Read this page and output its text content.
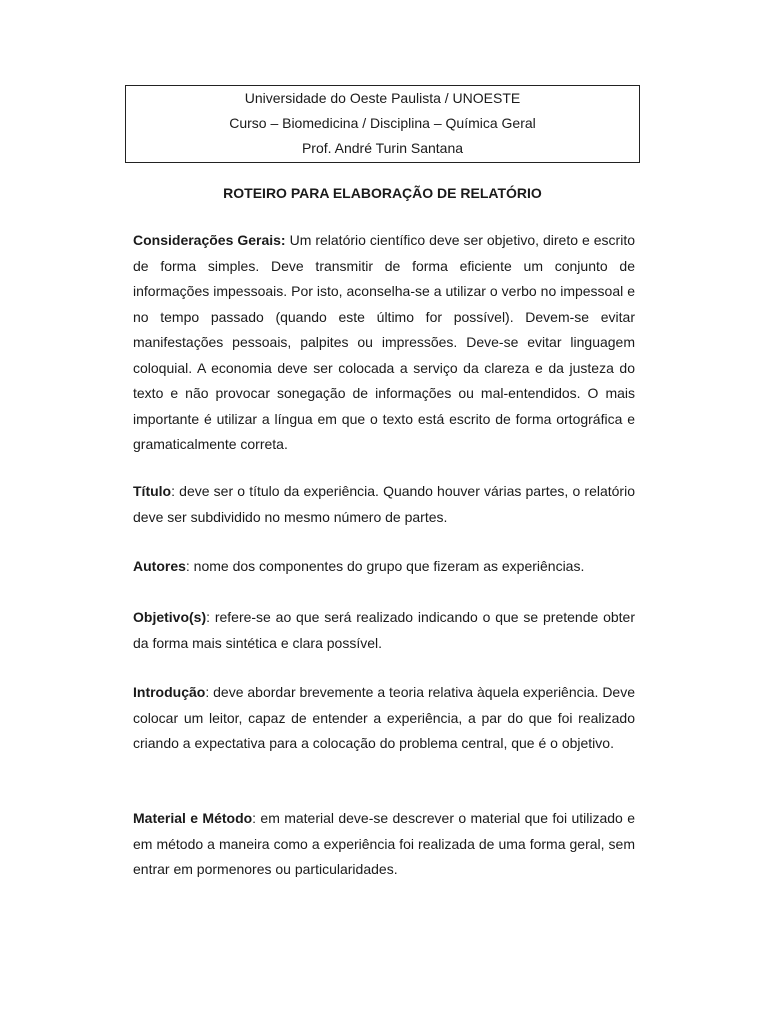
Universidade do Oeste Paulista / UNOESTE
Curso – Biomedicina / Disciplina – Química Geral
Prof. André Turin Santana
ROTEIRO PARA ELABORAÇÃO DE RELATÓRIO

Considerações Gerais: Um relatório científico deve ser objetivo, direto e escrito de forma simples. Deve transmitir de forma eficiente um conjunto de informações impessoais. Por isto, aconselha-se a utilizar o verbo no impessoal e no tempo passado (quando este último for possível). Devem-se evitar manifestações pessoais, palpites ou impressões. Deve-se evitar linguagem coloquial. A economia deve ser colocada a serviço da clareza e da justeza do texto e não provocar sonegação de informações ou mal-entendidos. O mais importante é utilizar a língua em que o texto está escrito de forma ortográfica e gramaticalmente correta.

Título: deve ser o título da experiência. Quando houver várias partes, o relatório deve ser subdividido no mesmo número de partes.

Autores: nome dos componentes do grupo que fizeram as experiências.

Objetivo(s): refere-se ao que será realizado indicando o que se pretende obter da forma mais sintética e clara possível.

Introdução: deve abordar brevemente a teoria relativa àquela experiência. Deve colocar um leitor, capaz de entender a experiência, a par do que foi realizado criando a expectativa para a colocação do problema central, que é o objetivo.

Material e Método: em material deve-se descrever o material que foi utilizado e em método a maneira como a experiência foi realizada de uma forma geral, sem entrar em pormenores ou particularidades.
